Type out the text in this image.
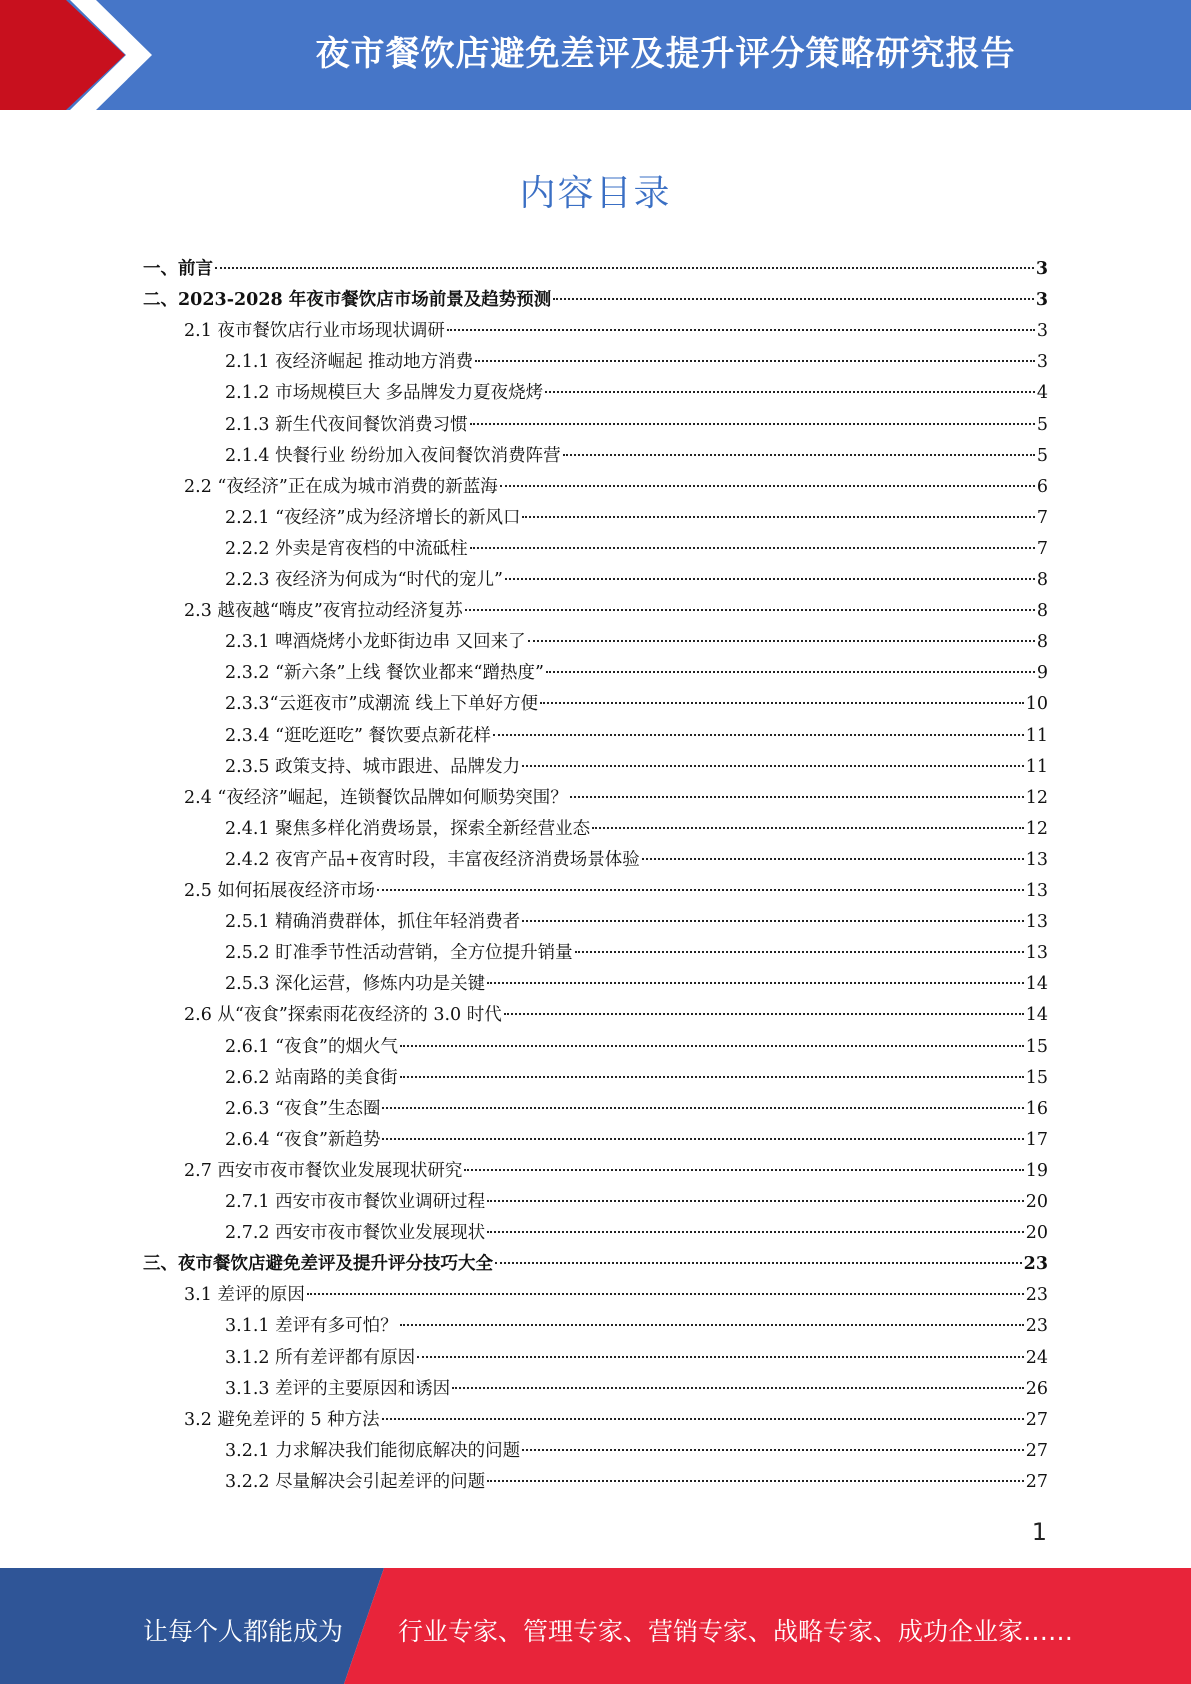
夜市餐饮店避免差评及提升评分策略研究报告
内容目录
一、前言	3
二、2023-2028 年夜市餐饮店市场前景及趋势预测	3
2.1 夜市餐饮店行业市场现状调研	3
2.1.1 夜经济崛起 推动地方消费	3
2.1.2 市场规模巨大 多品牌发力夏夜烧烤	4
2.1.3 新生代夜间餐饮消费习惯	5
2.1.4 快餐行业 纷纷加入夜间餐饮消费阵营	5
2.2 “夜经济”正在成为城市消费的新蓝海	6
2.2.1 “夜经济”成为经济增长的新风口	7
2.2.2 外卖是宵夜档的中流砥柱	7
2.2.3 夜经济为何成为“时代的宠儿”	8
2.3 越夜越“嗨皮”夜宵拉动经济复苏	8
2.3.1 啤酒烧烤小龙虾街边串 又回来了	8
2.3.2 “新六条”上线 餐饮业都来“蹭热度”	9
2.3.3“云逛夜市”成潮流 线上下单好方便	10
2.3.4 “逛吃逛吃” 餐饮要点新花样	11
2.3.5 政策支持、城市跟进、品牌发力	11
2.4 “夜经济”崛起，连锁餐饮品牌如何顺势突围？	12
2.4.1 聚焦多样化消费场景，探索全新经营业态	12
2.4.2 夜宵产品+夜宵时段，丰富夜经济消费场景体验	13
2.5 如何拓展夜经济市场	13
2.5.1 精确消费群体，抓住年轻消费者	13
2.5.2 盯准季节性活动营销，全方位提升销量	13
2.5.3 深化运营，修炼内功是关键	14
2.6 从“夜食”探索雨花夜经济的 3.0 时代	14
2.6.1 “夜食”的烟火气	15
2.6.2 站南路的美食街	15
2.6.3 “夜食”生态圈	16
2.6.4 “夜食”新趋势	17
2.7 西安市夜市餐饮业发展现状研究	19
2.7.1 西安市夜市餐饮业调研过程	20
2.7.2 西安市夜市餐饮业发展现状	20
三、夜市餐饮店避免差评及提升评分技巧大全	23
3.1 差评的原因	23
3.1.1 差评有多可怕？	23
3.1.2 所有差评都有原因	24
3.1.3 差评的主要原因和诱因	26
3.2 避免差评的 5 种方法	27
3.2.1 力求解决我们能彻底解决的问题	27
3.2.2 尽量解决会引起差评的问题	27
1
让每个人都能成为 行业专家、管理专家、营销专家、战略专家、成功企业家……
